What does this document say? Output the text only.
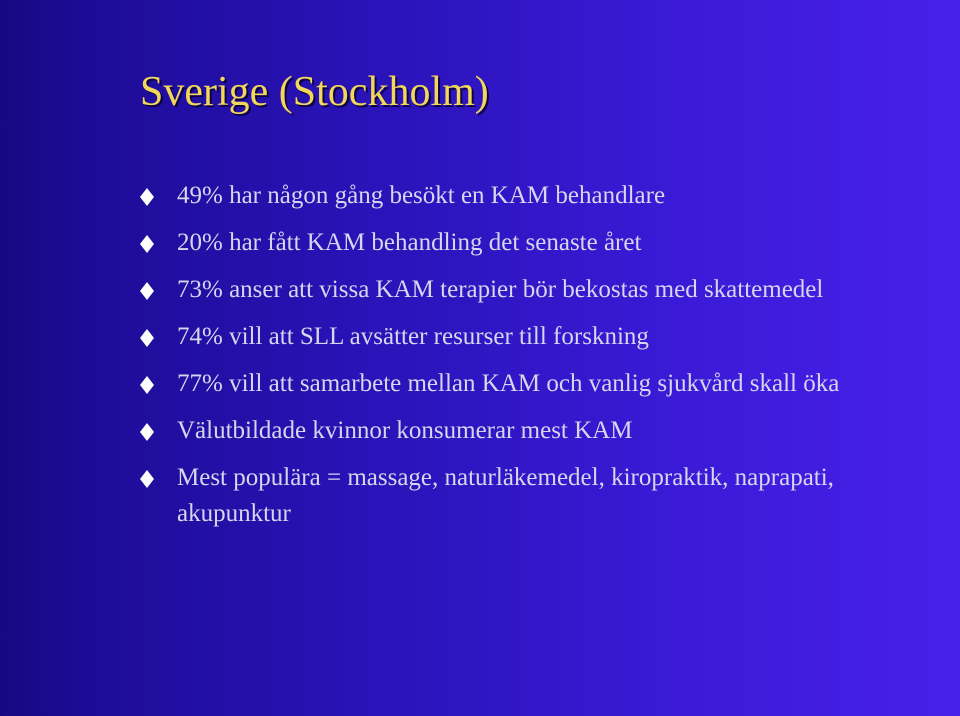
Sverige (Stockholm)
49% har någon gång besökt en KAM behandlare
20% har fått KAM behandling det senaste året
73% anser att vissa KAM terapier bör bekostas med skattemedel
74% vill att SLL avsätter resurser till forskning
77% vill att samarbete mellan KAM och vanlig sjukvård skall öka
Välutbildade kvinnor konsumerar mest KAM
Mest populära = massage, naturläkemedel, kiropraktik, naprapati, akupunktur
